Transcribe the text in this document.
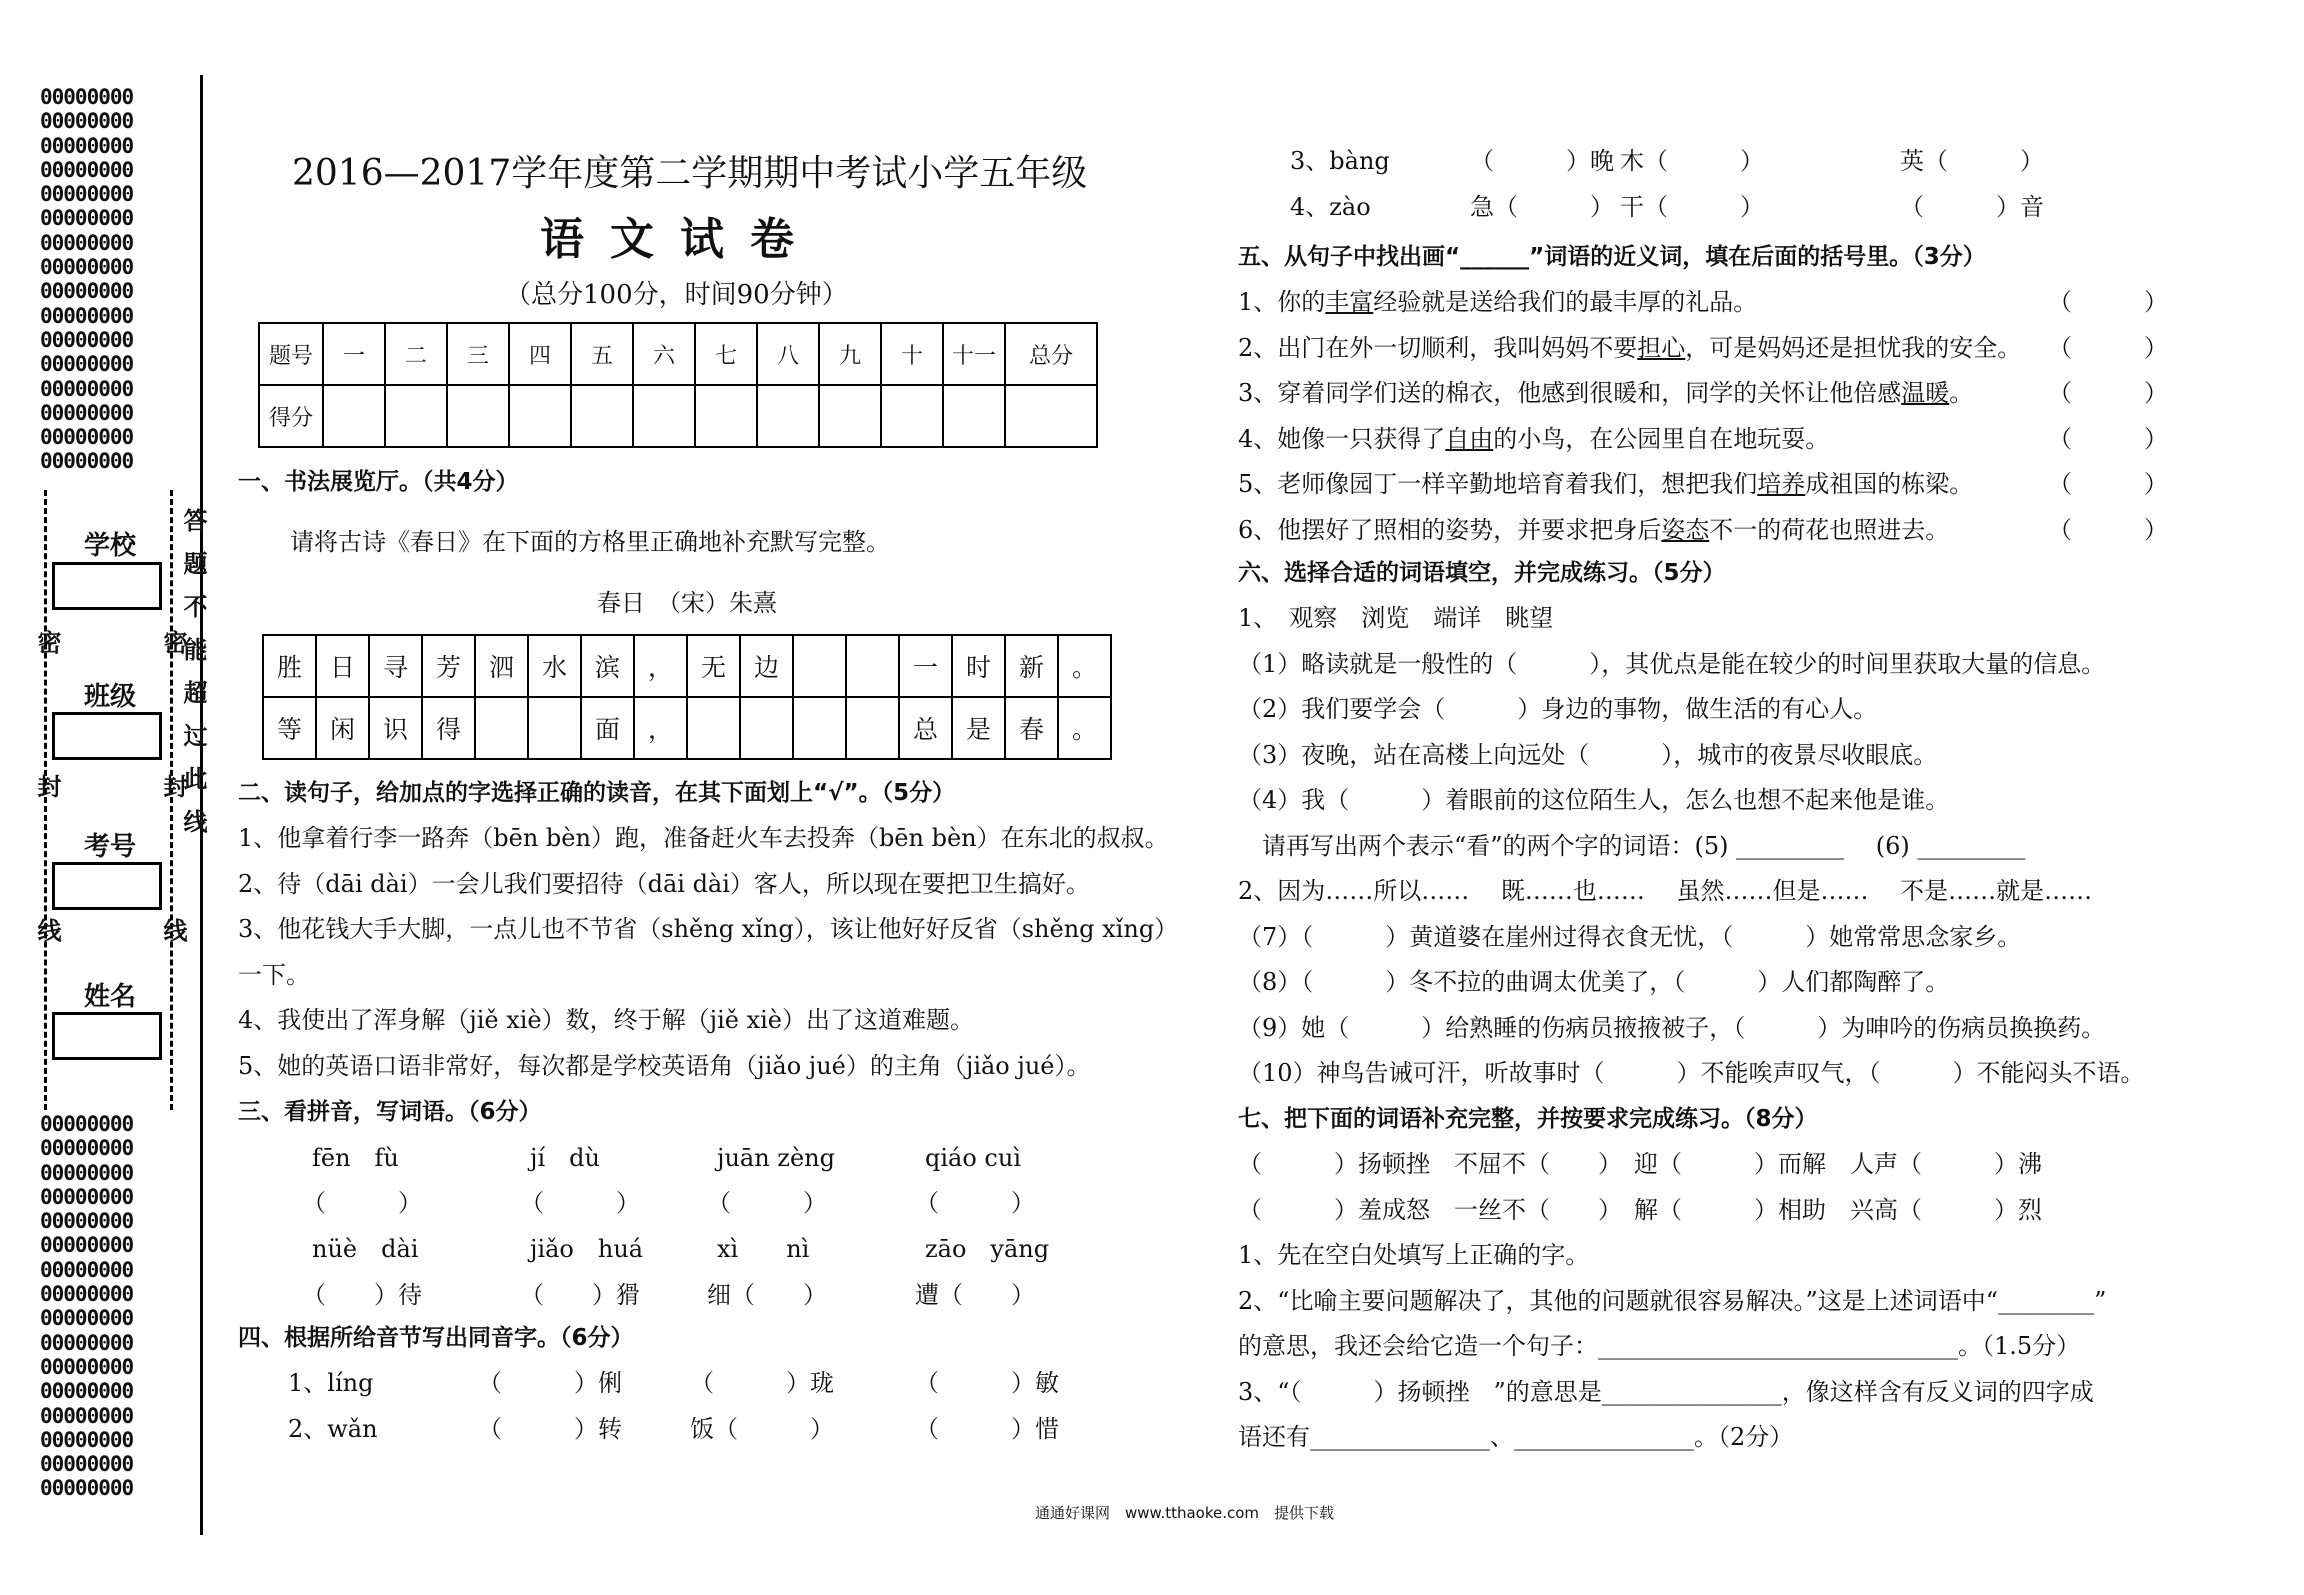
00000000
00000000
00000000
00000000
00000000
00000000
00000000
00000000
00000000
00000000
00000000
00000000
00000000
00000000
00000000
00000000
00000000
00000000
00000000
00000000
00000000
00000000
00000000
00000000
00000000
00000000
00000000
00000000
00000000
00000000
00000000
00000000
学校
班级
考号
姓名
密封线	密封线
答题不能超过此线
2016—2017学年度第二学期期中考试小学五年级
语文试卷
（总分100分，时间90分钟）
题号	一	二	三	四	五	六	七	八	九	十	十一	总分
得分												
一、书法展览厅。（共4分）
请将古诗《春日》在下面的方格里正确地补充默写完整。
春日　（宋）朱熹
胜	日	寻	芳	泗	水	滨	，	无	边			一	时	新	。
等	闲	识	得			面	，					总	是	春	。
二、读句子，给加点的字选择正确的读音，在其下面划上“√”。（5分）
1、他拿着行李一路奔（bēn bèn）跑，准备赶火车去投奔（bēn bèn）在东北的叔叔。
2、待（dāi dài）一会儿我们要招待（dāi dài）客人，所以现在要把卫生搞好。
3、他花钱大手大脚，一点儿也不节省（shěng xǐng），该让他好好反省（shěng xǐng）
一下。
4、我使出了浑身解（jiě xiè）数，终于解（jiě xiè）出了这道难题。
5、她的英语口语非常好，每次都是学校英语角（jiǎo jué）的主角（jiǎo jué）。
三、看拼音，写词语。（6分）
fēn　fù	jí　dù	juān zèng	qiáo cuì
（　　　）	（　　　）	（　　　）	（　　　）
nüè　dài	jiǎo　huá	xì　　nì	zāo　yāng
（　　）待	（　　）猾	细（　　）	遭（　　）
四、根据所给音节写出同音字。（6分）
1、líng	（　　　）俐	（　　　）珑	（　　　）敏
2、wǎn	（　　　）转	饭（　　　）	（　　　）惜
3、bàng	（　　　）晚 木（　　　）	英（　　　）
4、zào	急（　　　） 干（　　　）	（　　　）音
五、从句子中找出画“______”词语的近义词，填在后面的括号里。（3分）
1、你的丰富经验就是送给我们的最丰厚的礼品。	（　　　）
2、出门在外一切顺利，我叫妈妈不要担心，可是妈妈还是担忧我的安全。 （　　　）
3、穿着同学们送的棉衣，他感到很暖和，同学的关怀让他倍感温暖。	（　　　）
4、她像一只获得了自由的小鸟，在公园里自在地玩耍。	（　　　）
5、老师像园丁一样辛勤地培育着我们，想把我们培养成祖国的栋梁。	（　　　）
6、他摆好了照相的姿势，并要求把身后姿态不一的荷花也照进去。	（　　　）
六、选择合适的词语填空，并完成练习。（5分）
1、　观察　浏览　端详　眺望
（1）略读就是一般性的（　　　），其优点是能在较少的时间里获取大量的信息。
（2）我们要学会（　　　）身边的事物，做生活的有心人。
（3）夜晚，站在高楼上向远处（　　　），城市的夜景尽收眼底。
（4）我（　　　）着眼前的这位陌生人，怎么也想不起来他是谁。
　请再写出两个表示“看”的两个字的词语：(5) _________　 (6) _________
2、因为……所以……　 既……也……　 虽然……但是……　 不是……就是……
（7）（　　　）黄道婆在崖州过得衣食无忧，（　　　）她常常思念家乡。
（8）（　　　）冬不拉的曲调太优美了，（　　　）人们都陶醉了。
（9）她（　　　）给熟睡的伤病员掖掖被子，（　　　）为呻吟的伤病员换换药。
（10）神鸟告诫可汗，听故事时（　　　）不能唉声叹气，（　　　）不能闷头不语。
七、把下面的词语补充完整，并按要求完成练习。（8分）
（　　　）扬顿挫　不屈不（　　）　迎（　　　）而解　人声（　　　）沸
（　　　）羞成怒　一丝不（　　）　解（　　　）相助　兴高（　　　）烈
1、先在空白处填写上正确的字。
2、“比喻主要问题解决了，其他的问题就很容易解决。”这是上述词语中“________”
的意思，我还会给它造一个句子：______________________________。（1.5分）
3、“（　　　）扬顿挫　”的意思是_______________，像这样含有反义词的四字成
语还有_______________、_______________。（2分）
通通好课网　www.tthaoke.com　提供下载
